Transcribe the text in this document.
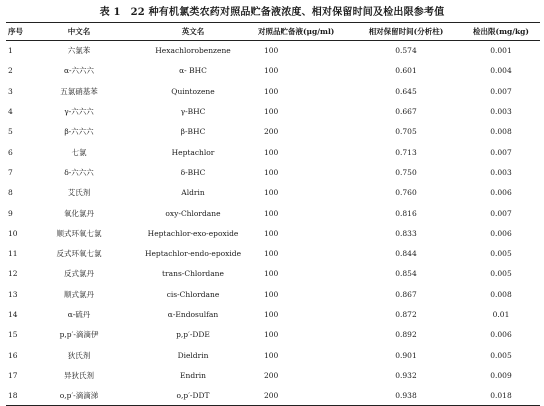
表 1 22 种有机氯类农药对照品贮备液浓度、相对保留时间及检出限参考值
序号	中文名	英文名	对照品贮备液(μg/ml)	相对保留时间(分析柱)	检出限(mg/kg)
1	六氯苯	Hexachlorobenzene	100	0.574	0.001
2	α-六六六	α- BHC	100	0.601	0.004
3	五氯硝基苯	Quintozene	100	0.645	0.007
4	γ-六六六	γ-BHC	100	0.667	0.003
5	β-六六六	β-BHC	200	0.705	0.008
6	七氯	Heptachlor	100	0.713	0.007
7	δ-六六六	δ-BHC	100	0.750	0.003
8	艾氏剂	Aldrin	100	0.760	0.006
9	氧化氯丹	oxy-Chlordane	100	0.816	0.007
10	顺式环氧七氯	Heptachlor-exo-epoxide	100	0.833	0.006
11	反式环氧七氯	Heptachlor-endo-epoxide	100	0.844	0.005
12	反式氯丹	trans-Chlordane	100	0.854	0.005
13	顺式氯丹	cis-Chlordane	100	0.867	0.008
14	α-硫丹	α-Endosulfan	100	0.872	0.01
15	p,p′-滴滴伊	p,p′-DDE	100	0.892	0.006
16	狄氏剂	Dieldrin	100	0.901	0.005
17	异狄氏剂	Endrin	200	0.932	0.009
18	o,p′-滴滴涕	o,p′-DDT	200	0.938	0.018
